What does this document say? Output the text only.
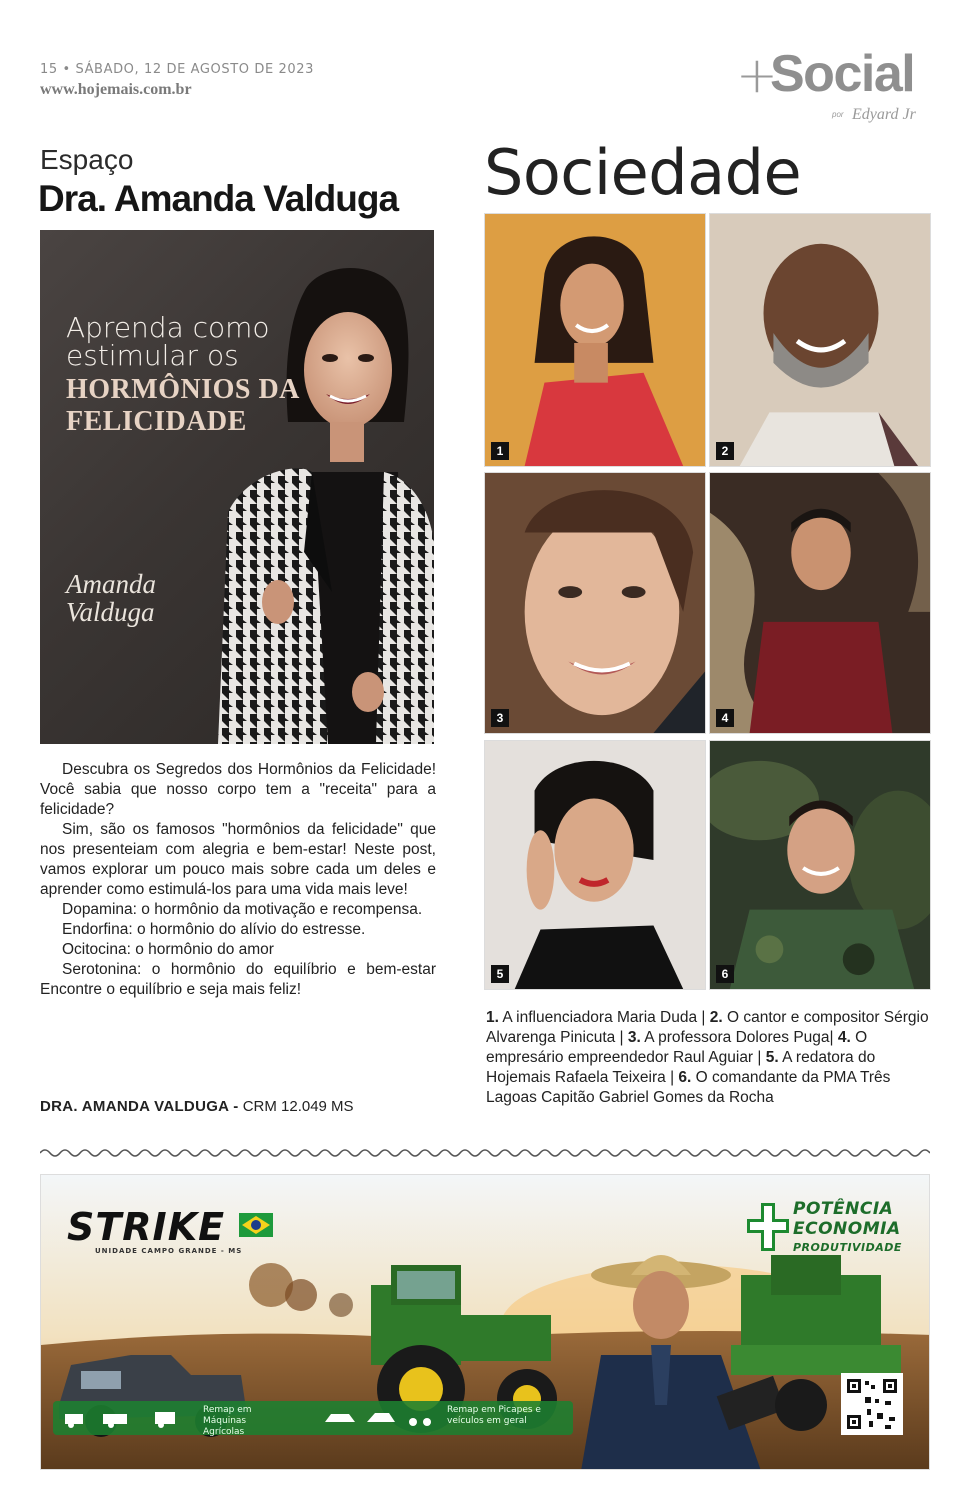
15 • SÁBADO, 12 DE AGOSTO DE 2023
www.hojemais.com.br	+
Social
por Edyard Jr
Espaço
Dra. Amanda Valduga
Aprenda como estimular os
HORMÔNIOS DA FELICIDADE
Amanda Valduga

Descubra os Segredos dos Hormônios da Felicidade! Você sabia que nosso corpo tem a "receita" para a felicidade?

Sim, são os famosos "hormônios da felicidade" que nos presenteiam com alegria e bem-estar! Neste post, vamos explorar um pouco mais sobre cada um deles e aprender como estimulá-los para uma vida mais leve!

Dopamina: o hormônio da motivação e recompensa.

Endorfina: o hormônio do alívio do estresse.

Ocitocina: o hormônio do amor

Serotonina: o hormônio do equilíbrio e bem-estar Encontre o equilíbrio e seja mais feliz!

DRA. AMANDA VALDUGA - CRM 12.049 MS
Sociedade
1	2
3	4
5	6
1. A influenciadora Maria Duda | 2. O cantor e compositor Sérgio Alvarenga Pinicuta | 3. A professora Dolores Puga| 4. O empresário empreendedor Raul Aguiar | 5. A redatora do Hojemais Rafaela Teixeira | 6. O comandante da PMA Três Lagoas Capitão Gabriel Gomes da Rocha
STRIKE
UNIDADE CAMPO GRANDE - MS
POTÊNCIA
ECONOMIA
PRODUTIVIDADE
Remap em Máquinas Agrícolas
Remap em Picapes e veículos em geral
